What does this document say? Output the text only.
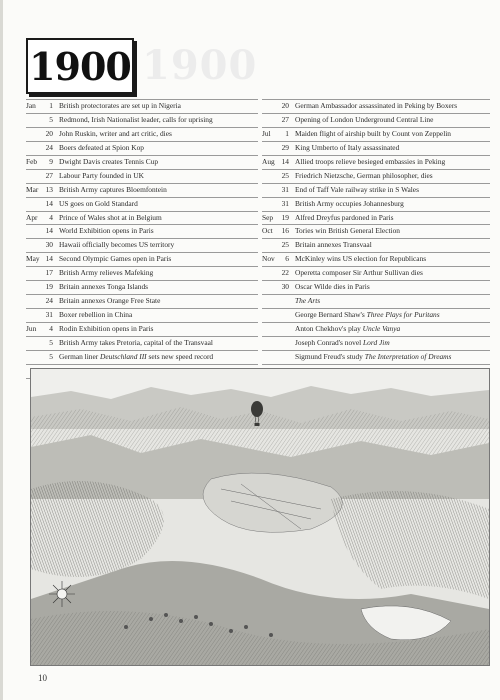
1900 1900
Jan	1 British protectorates are set up in Nigeria
5 Redmond, Irish Nationalist leader, calls for uprising
20 John Ruskin, writer and art critic, dies
24 Boers defeated at Spion Kop
Feb	9 Dwight Davis creates Tennis Cup
27 Labour Party founded in UK
Mar 13 British Army captures Bloemfontein
14 US goes on Gold Standard
Apr	4 Prince of Wales shot at in Belgium
14 World Exhibition opens in Paris
30 Hawaii officially becomes US territory
May 14 Second Olympic Games open in Paris
17 British Army relieves Mafeking
19 Britain annexes Tonga Islands
24 Britain annexes Orange Free State
31 Boxer rebellion in China
Jun	4 Rodin Exhibition opens in Paris
5 British Army takes Pretoria, capital of the Transvaal
5 German liner Deutschland III sets new speed record
20 German Ambassador assassinated in Peking by Boxers
27 Opening of London Underground Central Line
Jul	1 Maiden flight of airship built by Count von Zeppelin
29 King Umberto of Italy assassinated
Aug 14 Allied troops relieve besieged embassies in Peking
25 Friedrich Nietzsche, German philosopher, dies
31 End of Taff Vale railway strike in S Wales
31 British Army occupies Johannesburg
Sep	19 Alfred Dreyfus pardoned in Paris
Oct	16 Tories win British General Election
25 Britain annexes Transvaal
Nov	6 McKinley wins US election for Republicans
22 Operetta composer Sir Arthur Sullivan dies
30 Oscar Wilde dies in Paris
The Arts
George Bernard Shaw's Three Plays for Puritans
Anton Chekhov's play Uncle Vanya
Joseph Conrad's novel Lord Jim
Sigmund Freud's study The Interpretation of Dreams
10
